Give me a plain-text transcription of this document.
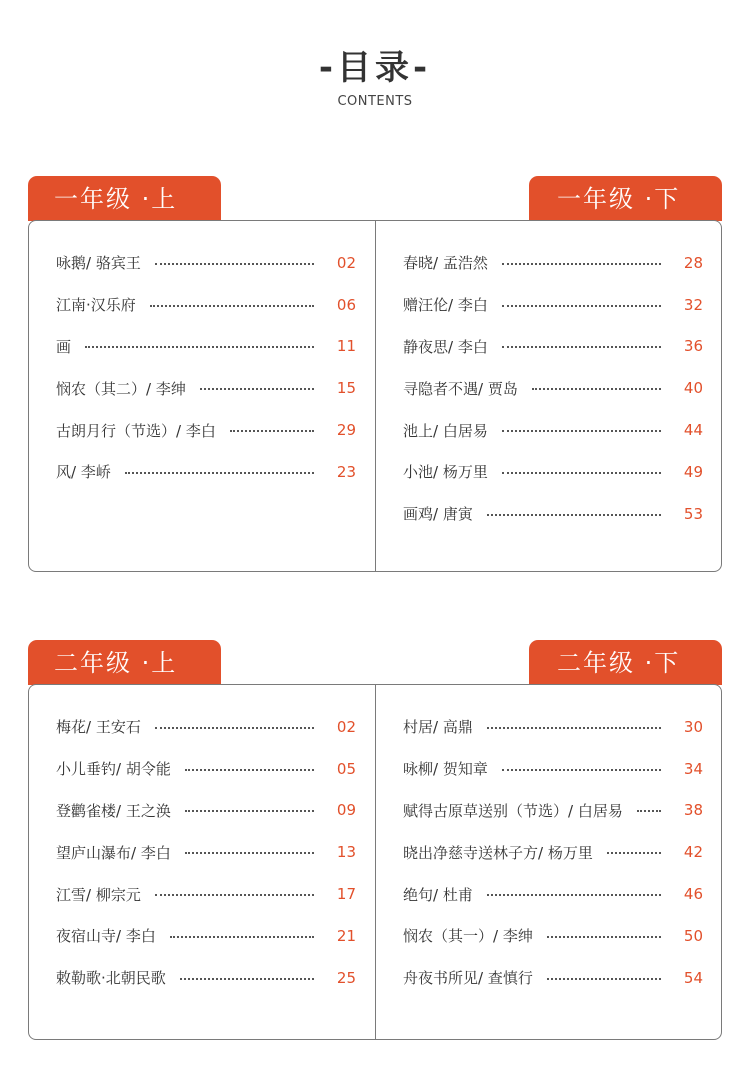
-目录-
CONTENTS
一年级 ·上	一年级 ·下
咏鹅/ 骆宾王	02
江南·汉乐府	06
画	11
悯农（其二）/ 李绅	15
古朗月行（节选）/ 李白	29
风/ 李峤	23
春晓/ 孟浩然	28
赠汪伦/ 李白	32
静夜思/ 李白	36
寻隐者不遇/ 贾岛	40
池上/ 白居易	44
小池/ 杨万里	49
画鸡/ 唐寅	53
二年级 ·上	二年级 ·下
梅花/ 王安石	02
小儿垂钓/ 胡令能	05
登鹳雀楼/ 王之涣	09
望庐山瀑布/ 李白	13
江雪/ 柳宗元	17
夜宿山寺/ 李白	21
敕勒歌·北朝民歌	25
村居/ 高鼎	30
咏柳/ 贺知章	34
赋得古原草送别（节选）/ 白居易	38
晓出净慈寺送林子方/ 杨万里	42
绝句/ 杜甫	46
悯农（其一）/ 李绅	50
舟夜书所见/ 查慎行	54
